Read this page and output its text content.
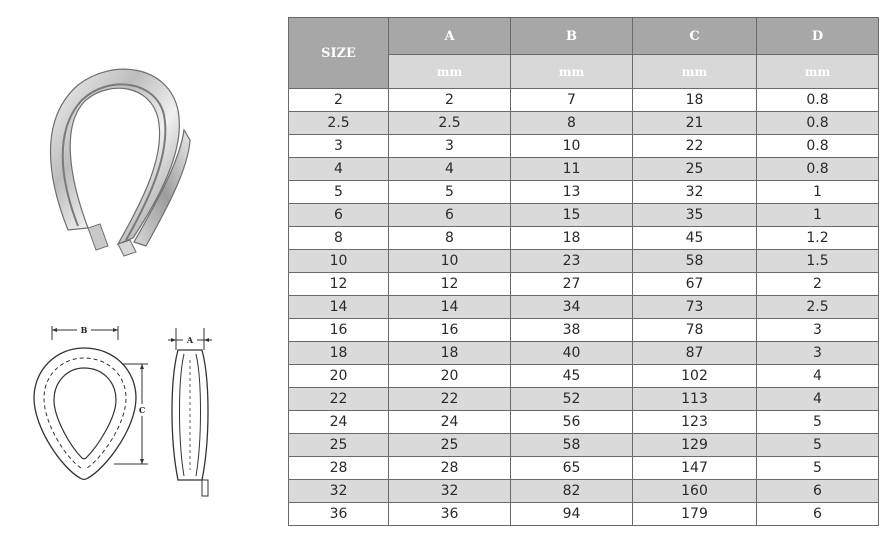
B
C
A
SIZE	A	B	C	D
	mm	mm	mm	mm
2	2	7	18	0.8
2.5	2.5	8	21	0.8
3	3	10	22	0.8
4	4	11	25	0.8
5	5	13	32	1
6	6	15	35	1
8	8	18	45	1.2
10	10	23	58	1.5
12	12	27	67	2
14	14	34	73	2.5
16	16	38	78	3
18	18	40	87	3
20	20	45	102	4
22	22	52	113	4
24	24	56	123	5
25	25	58	129	5
28	28	65	147	5
32	32	82	160	6
36	36	94	179	6
